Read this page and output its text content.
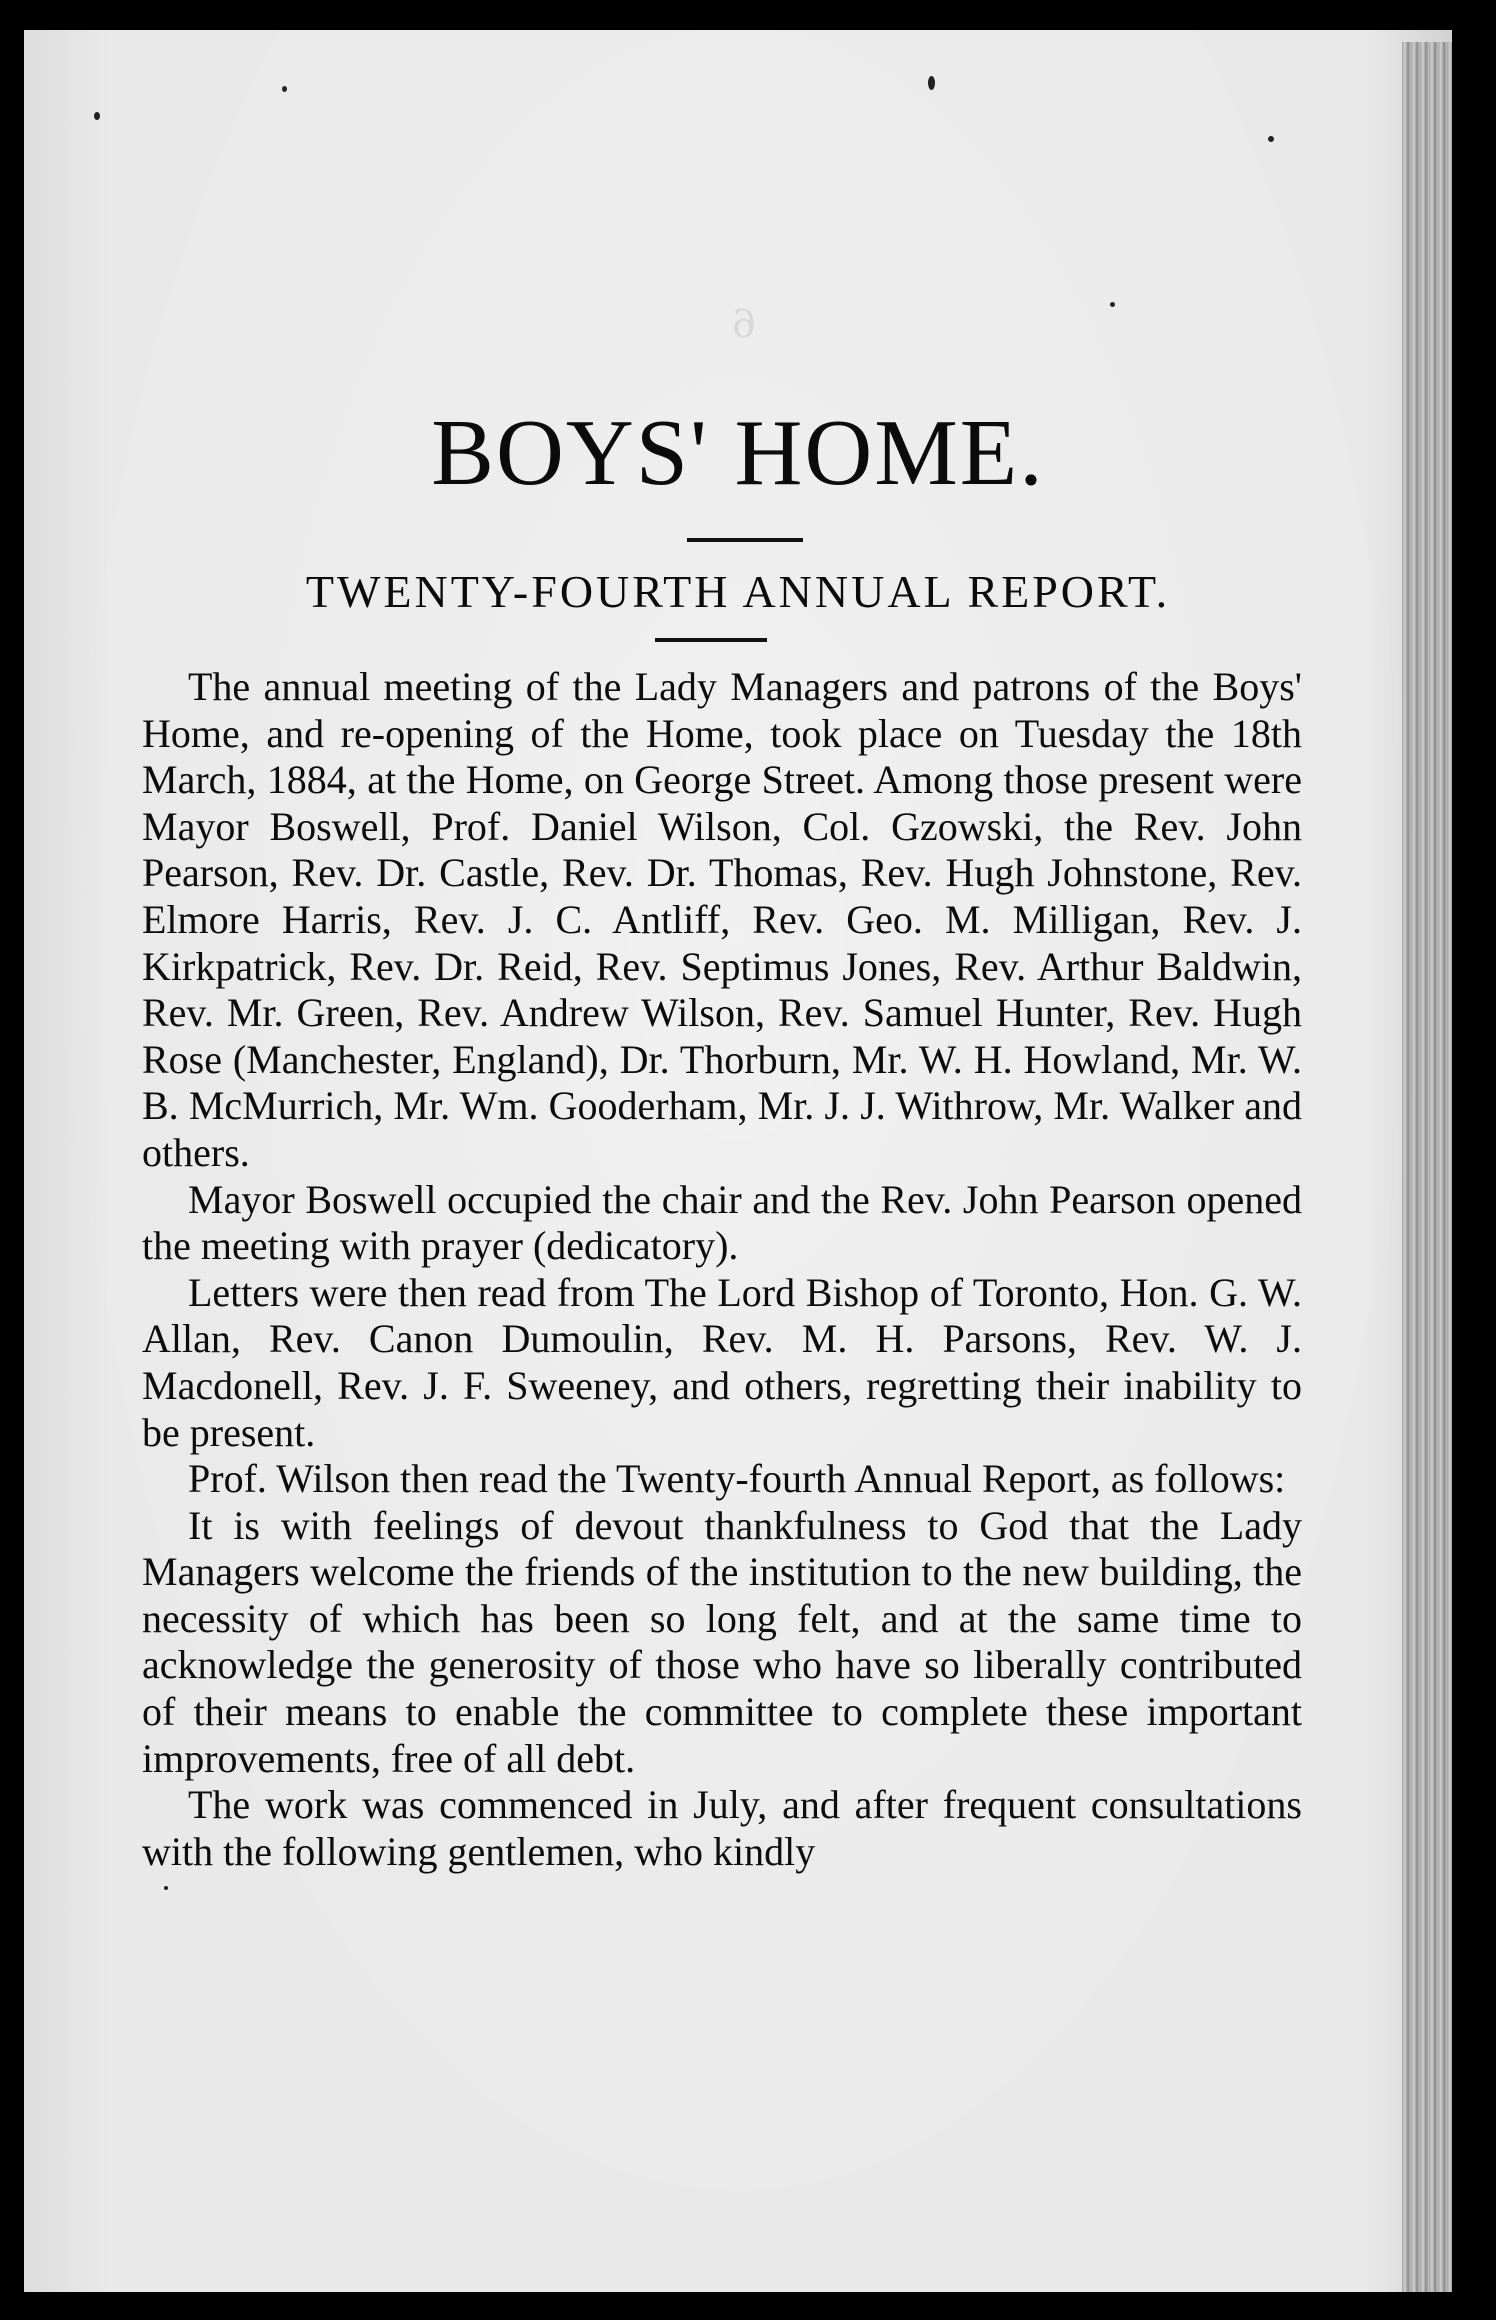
6
BOYS' HOME.
TWENTY-FOURTH ANNUAL REPORT.

The annual meeting of the Lady Managers and patrons of the Boys' Home, and re-opening of the Home, took place on Tuesday the 18th March, 1884, at the Home, on George Street. Among those present were Mayor Boswell, Prof. Daniel Wilson, Col. Gzowski, the Rev. John Pearson, Rev. Dr. Castle, Rev. Dr. Thomas, Rev. Hugh Johnstone, Rev. Elmore Harris, Rev. J. C. Antliff, Rev. Geo. M. Milligan, Rev. J. Kirkpatrick, Rev. Dr. Reid, Rev. Septimus Jones, Rev. Arthur Baldwin, Rev. Mr. Green, Rev. Andrew Wilson, Rev. Samuel Hunter, Rev. Hugh Rose (Manchester, England), Dr. Thorburn, Mr. W. H. Howland, Mr. W. B. McMurrich, Mr. Wm. Gooderham, Mr. J. J. Withrow, Mr. Walker and others.

Mayor Boswell occupied the chair and the Rev. John Pearson opened the meeting with prayer (dedicatory).

Letters were then read from The Lord Bishop of Toronto, Hon. G. W. Allan, Rev. Canon Dumoulin, Rev. M. H. Parsons, Rev. W. J. Macdonell, Rev. J. F. Sweeney, and others, regretting their inability to be present.

Prof. Wilson then read the Twenty-fourth Annual Report, as follows:

It is with feelings of devout thankfulness to God that the Lady Managers welcome the friends of the institution to the new building, the necessity of which has been so long felt, and at the same time to acknowledge the generosity of those who have so liberally contributed of their means to enable the committee to complete these important improvements, free of all debt.

The work was commenced in July, and after frequent consultations with the following gentlemen, who kindly
